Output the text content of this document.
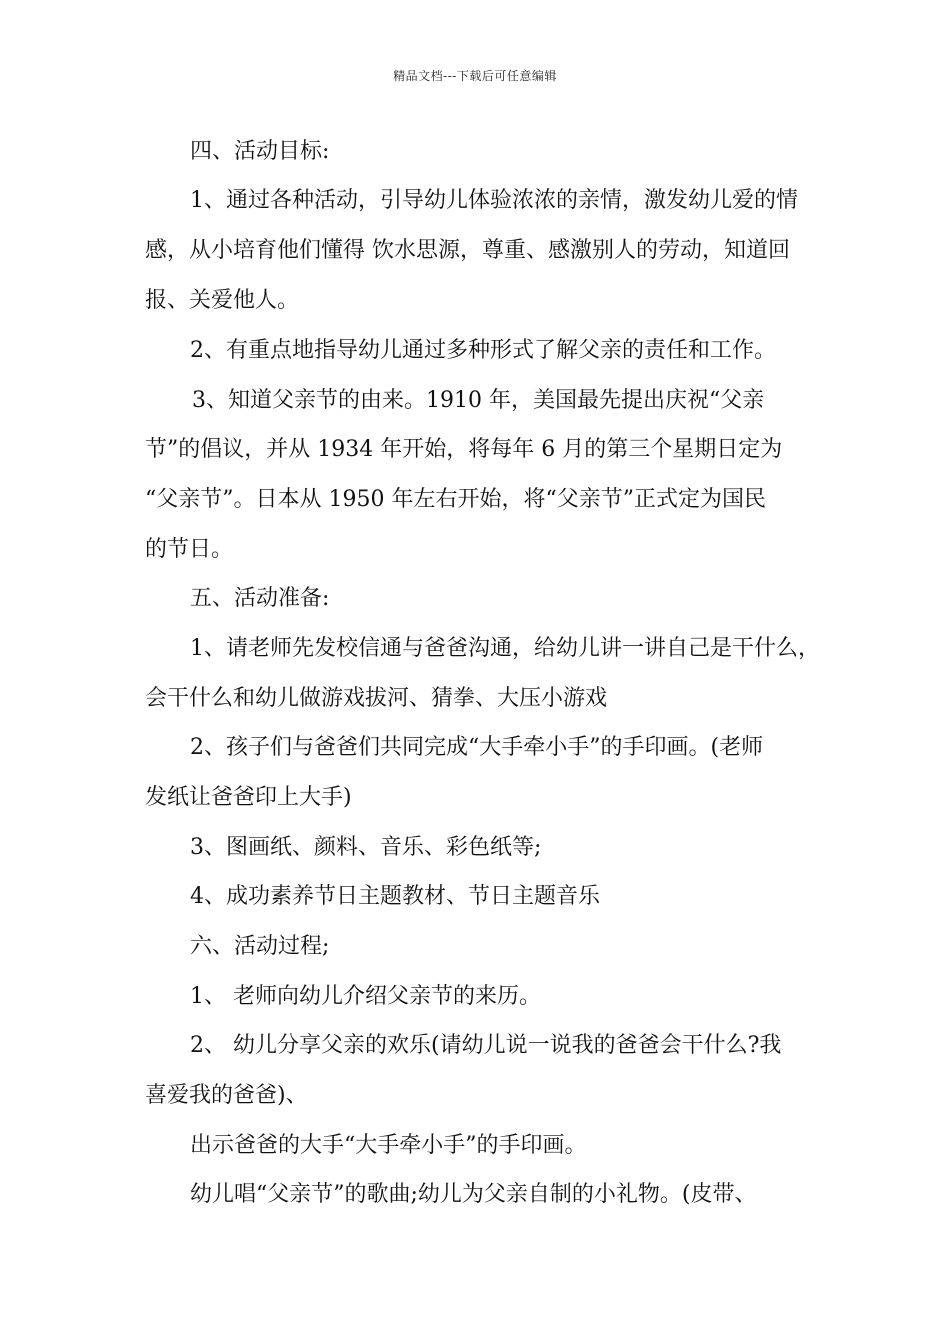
精品文档---下载后可任意编辑
四、活动目标:
1、通过各种活动，引导幼儿体验浓浓的亲情，激发幼儿爱的情
感，从小培育他们懂得 饮水思源，尊重、感激别人的劳动，知道回
报、关爱他人。
2、有重点地指导幼儿通过多种形式了解父亲的责任和工作。
3、知道父亲节的由来。1910 年，美国最先提出庆祝“父亲
节”的倡议，并从 1934 年开始，将每年 6 月的第三个星期日定为
“父亲节”。日本从 1950 年左右开始，将“父亲节”正式定为国民
的节日。
五、活动准备:
1、请老师先发校信通与爸爸沟通，给幼儿讲一讲自己是干什么，
会干什么和幼儿做游戏拔河、猜拳、大压小游戏
2、孩子们与爸爸们共同完成“大手牵小手”的手印画。(老师
发纸让爸爸印上大手)
3、图画纸、颜料、音乐、彩色纸等;
4、成功素养节日主题教材、节日主题音乐
六、活动过程;
1、 老师向幼儿介绍父亲节的来历。
2、 幼儿分享父亲的欢乐(请幼儿说一说我的爸爸会干什么?我
喜爱我的爸爸)、
出示爸爸的大手“大手牵小手”的手印画。
幼儿唱“父亲节”的歌曲;幼儿为父亲自制的小礼物。(皮带、
